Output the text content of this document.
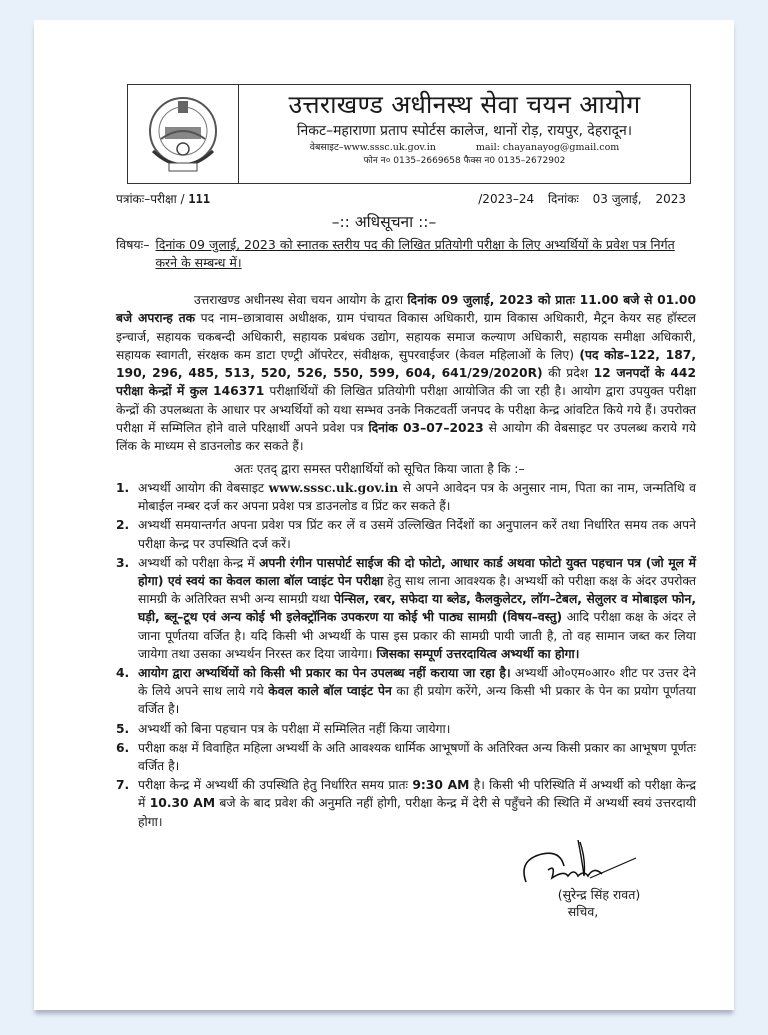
उत्तराखण्ड अधीनस्थ सेवा चयन आयोग
निकट–महाराणा प्रताप स्पोर्टस कालेज, थानों रोड़, रायपुर, देहरादून।
वेबसाइट–www.sssc.uk.gov.in	mail: chayanayog@gmail.com
फोन न० 0135–2669658 फैक्स न0 0135–2672902
पत्रांकः–परीक्षा / 111	/2023–24 दिनांकः 03 जुलाई, 2023
–:: अधिसूचना ::–
विषयः– दिनांक 09 जुलाई, 2023 को स्नातक स्तरीय पद की लिखित प्रतियोगी परीक्षा के लिए अभ्यर्थियों के प्रवेश पत्र निर्गत करने के सम्बन्ध में।
उत्तराखण्ड अधीनस्थ सेवा चयन आयोग के द्वारा दिनांक 09 जुलाई, 2023 को प्रातः 11.00 बजे से 01.00 बजे अपरान्ह तक पद नाम–छात्रावास अधीक्षक, ग्राम पंचायत विकास अधिकारी, ग्राम विकास अधिकारी, मैट्रन केयर सह हॉस्टल इन्चार्ज, सहायक चकबन्दी अधिकारी, सहायक प्रबंधक उद्योग, सहायक समाज कल्याण अधिकारी, सहायक समीक्षा अधिकारी, सहायक स्वागती, संरक्षक कम डाटा एण्ट्री ऑपरेटर, संवीक्षक, सुपरवाईजर (केवल महिलाओं के लिए) (पद कोड–122, 187, 190, 296, 485, 513, 520, 526, 550, 599, 604, 641/29/2020R) की प्रदेश 12 जनपदों के 442 परीक्षा केन्द्रों में कुल 146371 परीक्षार्थियों की लिखित प्रतियोगी परीक्षा आयोजित की जा रही है। आयोग द्वारा उपयुक्त परीक्षा केन्द्रों की उपलब्धता के आधार पर अभ्यर्थियों को यथा सम्भव उनके निकटवर्ती जनपद के परीक्षा केन्द्र आंवटित किये गये हैं। उपरोक्त परीक्षा में सम्मिलित होने वाले परिक्षार्थी अपने प्रवेश पत्र दिनांक 03–07–2023 से आयोग की वेबसाइट पर उपलब्ध कराये गये लिंक के माध्यम से डाउनलोड कर सकते हैं।
अतः एतद् द्वारा समस्त परीक्षार्थियों को सूचित किया जाता है कि :–
1. अभ्यर्थी आयोग की वेबसाइट www.sssc.uk.gov.in से अपने आवेदन पत्र के अनुसार नाम, पिता का नाम, जन्मतिथि व मोबाईल नम्बर दर्ज कर अपना प्रवेश पत्र डाउनलोड व प्रिंट कर सकते हैं।
2. अभ्यर्थी समयान्तर्गत अपना प्रवेश पत्र प्रिंट कर लें व उसमें उल्लिखित निर्देशों का अनुपालन करें तथा निर्धारित समय तक अपने परीक्षा केन्द्र पर उपस्थिति दर्ज करें।
3. अभ्यर्थी को परीक्षा केन्द्र में अपनी रंगीन पासपोर्ट साईज की दो फोटो, आधार कार्ड अथवा फोटो युक्त पहचान पत्र (जो मूल में होगा) एवं स्वयं का केवल काला बॉल प्वाइंट पेन परीक्षा हेतु साथ लाना आवश्यक है। अभ्यर्थी को परीक्षा कक्ष के अंदर उपरोक्त सामग्री के अतिरिक्त सभी अन्य सामग्री यथा पेन्सिल, रबर, सफेदा या ब्लेड, कैलकुलेटर, लॉग–टेबल, सेलुलर व मोबाइल फोन, घड़ी, ब्लू–टूथ एवं अन्य कोई भी इलेक्ट्रॉनिक उपकरण या कोई भी पाठ्य सामग्री (विषय–वस्तु) आदि परीक्षा कक्ष के अंदर ले जाना पूर्णतया वर्जित है। यदि किसी भी अभ्यर्थी के पास इस प्रकार की सामग्री पायी जाती है, तो वह सामान जब्त कर लिया जायेगा तथा उसका अभ्यर्थन निरस्त कर दिया जायेगा। जिसका सम्पूर्ण उत्तरदायित्व अभ्यर्थी का होगा।
4. आयोग द्वारा अभ्यर्थियों को किसी भी प्रकार का पेन उपलब्ध नहीं कराया जा रहा है। अभ्यर्थी ओ०एम०आर० शीट पर उत्तर देने के लिये अपने साथ लाये गये केवल काले बॉल प्वाइंट पेन का ही प्रयोग करेंगे, अन्य किसी भी प्रकार के पेन का प्रयोग पूर्णतया वर्जित है।
5. अभ्यर्थी को बिना पहचान पत्र के परीक्षा में सम्मिलित नहीं किया जायेगा।
6. परीक्षा कक्ष में विवाहित महिला अभ्यर्थी के अति आवश्यक धार्मिक आभूषणों के अतिरिक्त अन्य किसी प्रकार का आभूषण पूर्णतः वर्जित है।
7. परीक्षा केन्द्र में अभ्यर्थी की उपस्थिति हेतु निर्धारित समय प्रातः 9:30 AM है। किसी भी परिस्थिति में अभ्यर्थी को परीक्षा केन्द्र में 10.30 AM बजे के बाद प्रवेश की अनुमति नहीं होगी, परीक्षा केन्द्र में देरी से पहुँचने की स्थिति में अभ्यर्थी स्वयं उत्तरदायी होगा।
(सुरेन्द्र सिंह रावत)
सचिव,
